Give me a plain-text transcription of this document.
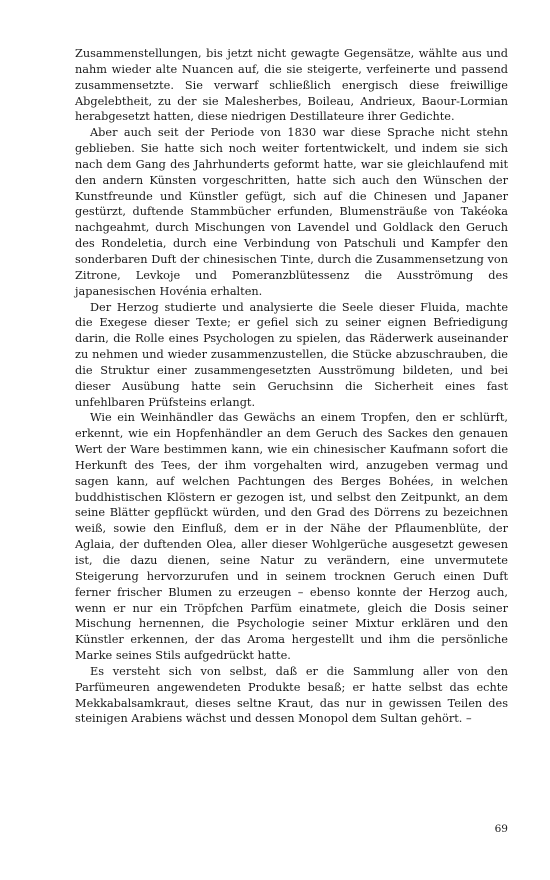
Zusammenstellungen, bis jetzt nicht gewagte Gegensätze, wählte aus und nahm wieder alte Nuancen auf, die sie steigerte, verfeinerte und passend zusammensetzte. Sie verwarf schließlich energisch diese freiwillige Abgelebtheit, zu der sie Malesherbes, Boileau, Andrieux, Baour-Lormian herabgesetzt hatten, diese niedrigen Destillateure ihrer Gedichte.

Aber auch seit der Periode von 1830 war diese Sprache nicht stehn geblieben. Sie hatte sich noch weiter fortentwickelt, und indem sie sich nach dem Gang des Jahrhunderts geformt hatte, war sie gleichlaufend mit den andern Künsten vorgeschritten, hatte sich auch den Wünschen der Kunstfreunde und Künstler gefügt, sich auf die Chinesen und Japaner gestürzt, duftende Stammbücher erfunden, Blumensträuße von Takéoka nachgeahmt, durch Mischungen von Lavendel und Goldlack den Geruch des Rondeletia, durch eine Verbindung von Patschuli und Kampfer den sonderbaren Duft der chinesischen Tinte, durch die Zusammensetzung von Zitrone, Levkoje und Pomeranzblütessenz die Ausströmung des japanesischen Hovénia erhalten.

Der Herzog studierte und analysierte die Seele dieser Fluida, machte die Exegese dieser Texte; er gefiel sich zu seiner eignen Befriedigung darin, die Rolle eines Psychologen zu spielen, das Räderwerk auseinander zu nehmen und wieder zusammenzustellen, die Stücke abzuschrauben, die die Struktur einer zusammengesetzten Ausströmung bildeten, und bei dieser Ausübung hatte sein Geruchsinn die Sicherheit eines fast unfehlbaren Prüfsteins erlangt.

Wie ein Weinhändler das Gewächs an einem Tropfen, den er schlürft, erkennt, wie ein Hopfenhändler an dem Geruch des Sackes den genauen Wert der Ware bestimmen kann, wie ein chinesischer Kaufmann sofort die Herkunft des Tees, der ihm vorgehalten wird, anzugeben vermag und sagen kann, auf welchen Pachtungen des Berges Bohées, in welchen buddhistischen Klöstern er gezogen ist, und selbst den Zeitpunkt, an dem seine Blätter gepflückt würden, und den Grad des Dörrens zu bezeichnen weiß, sowie den Einfluß, dem er in der Nähe der Pflaumenblüte, der Aglaia, der duftenden Olea, aller dieser Wohlgerüche ausgesetzt gewesen ist, die dazu dienen, seine Natur zu verändern, eine unvermutete Steigerung hervorzurufen und in seinem trocknen Geruch einen Duft ferner frischer Blumen zu erzeugen – ebenso konnte der Herzog auch, wenn er nur ein Tröpfchen Parfüm einatmete, gleich die Dosis seiner Mischung hernennen, die Psychologie seiner Mixtur erklären und den Künstler erkennen, der das Aroma hergestellt und ihm die persönliche Marke seines Stils aufgedrückt hatte.

Es versteht sich von selbst, daß er die Sammlung aller von den Parfümeuren angewendeten Produkte besaß; er hatte selbst das echte Mekkabalsamkraut, dieses seltne Kraut, das nur in gewissen Teilen des steinigen Arabiens wächst und dessen Monopol dem Sultan gehört. –

69
